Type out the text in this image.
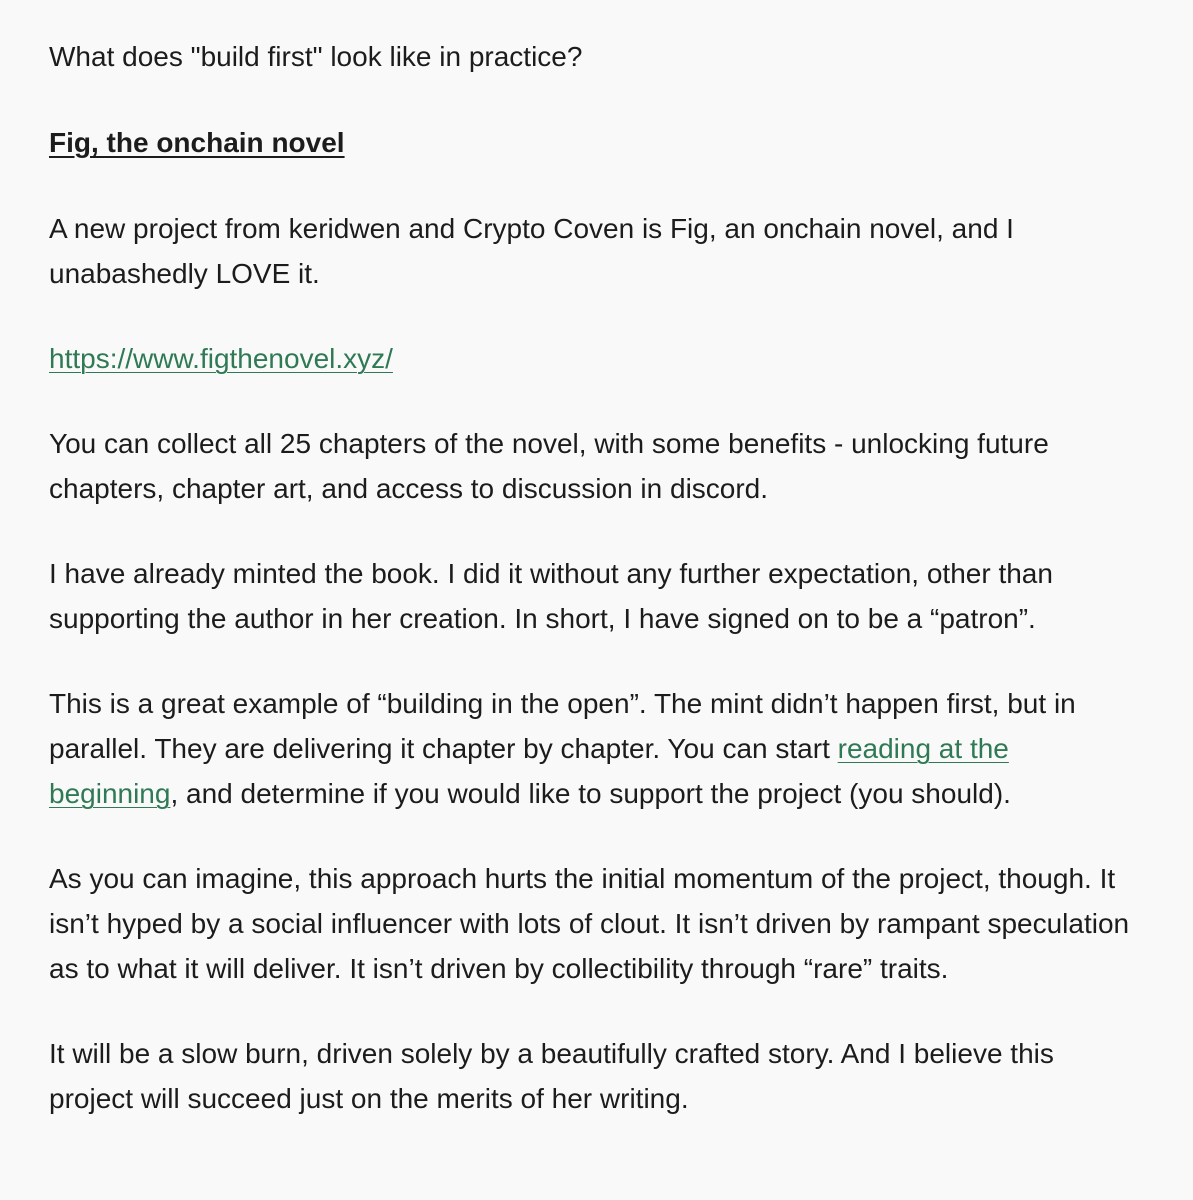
What does "build first" look like in practice?

Fig, the onchain novel

A new project from keridwen and Crypto Coven is Fig, an onchain novel, and I unabashedly LOVE it.

https://www.figthenovel.xyz/

You can collect all 25 chapters of the novel, with some benefits - unlocking future chapters, chapter art, and access to discussion in discord.

I have already minted the book. I did it without any further expectation, other than supporting the author in her creation. In short, I have signed on to be a “patron”.

This is a great example of “building in the open”. The mint didn’t happen first, but in parallel. They are delivering it chapter by chapter. You can start reading at the beginning, and determine if you would like to support the project (you should).

As you can imagine, this approach hurts the initial momentum of the project, though. It isn’t hyped by a social influencer with lots of clout. It isn’t driven by rampant speculation as to what it will deliver. It isn’t driven by collectibility through “rare” traits.

It will be a slow burn, driven solely by a beautifully crafted story. And I believe this project will succeed just on the merits of her writing.
